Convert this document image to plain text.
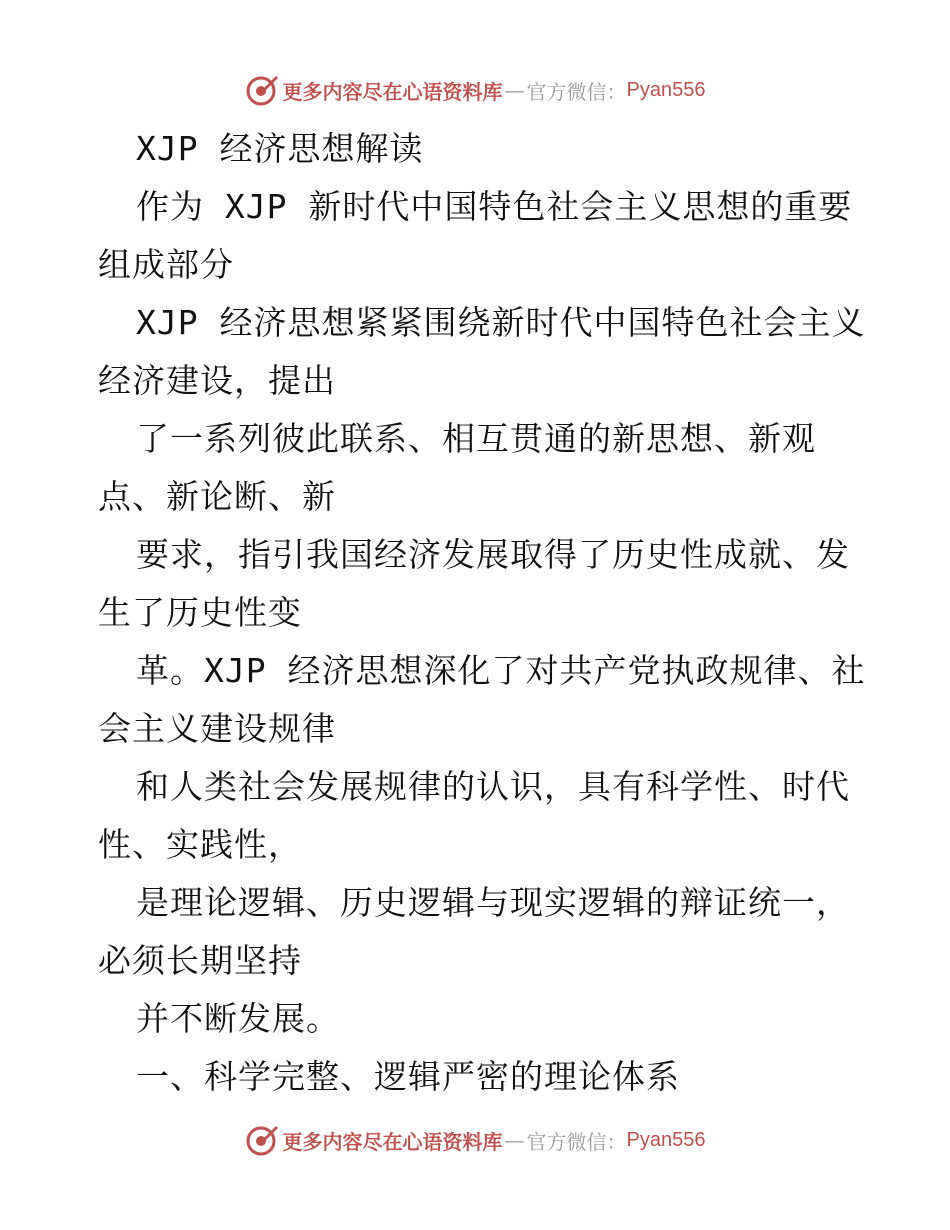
更多内容尽在心语资料库 — 官方微信： Pyan556
XJP 经济思想解读
作为 XJP 新时代中国特色社会主义思想的重要
组成部分
XJP 经济思想紧紧围绕新时代中国特色社会主义
经济建设，提出
了一系列彼此联系、相互贯通的新思想、新观
点、新论断、新
要求，指引我国经济发展取得了历史性成就、发
生了历史性变
革。XJP 经济思想深化了对共产党执政规律、社
会主义建设规律
和人类社会发展规律的认识，具有科学性、时代
性、实践性，
是理论逻辑、历史逻辑与现实逻辑的辩证统一，
必须长期坚持
并不断发展。
一、科学完整、逻辑严密的理论体系
更多内容尽在心语资料库 — 官方微信： Pyan556
